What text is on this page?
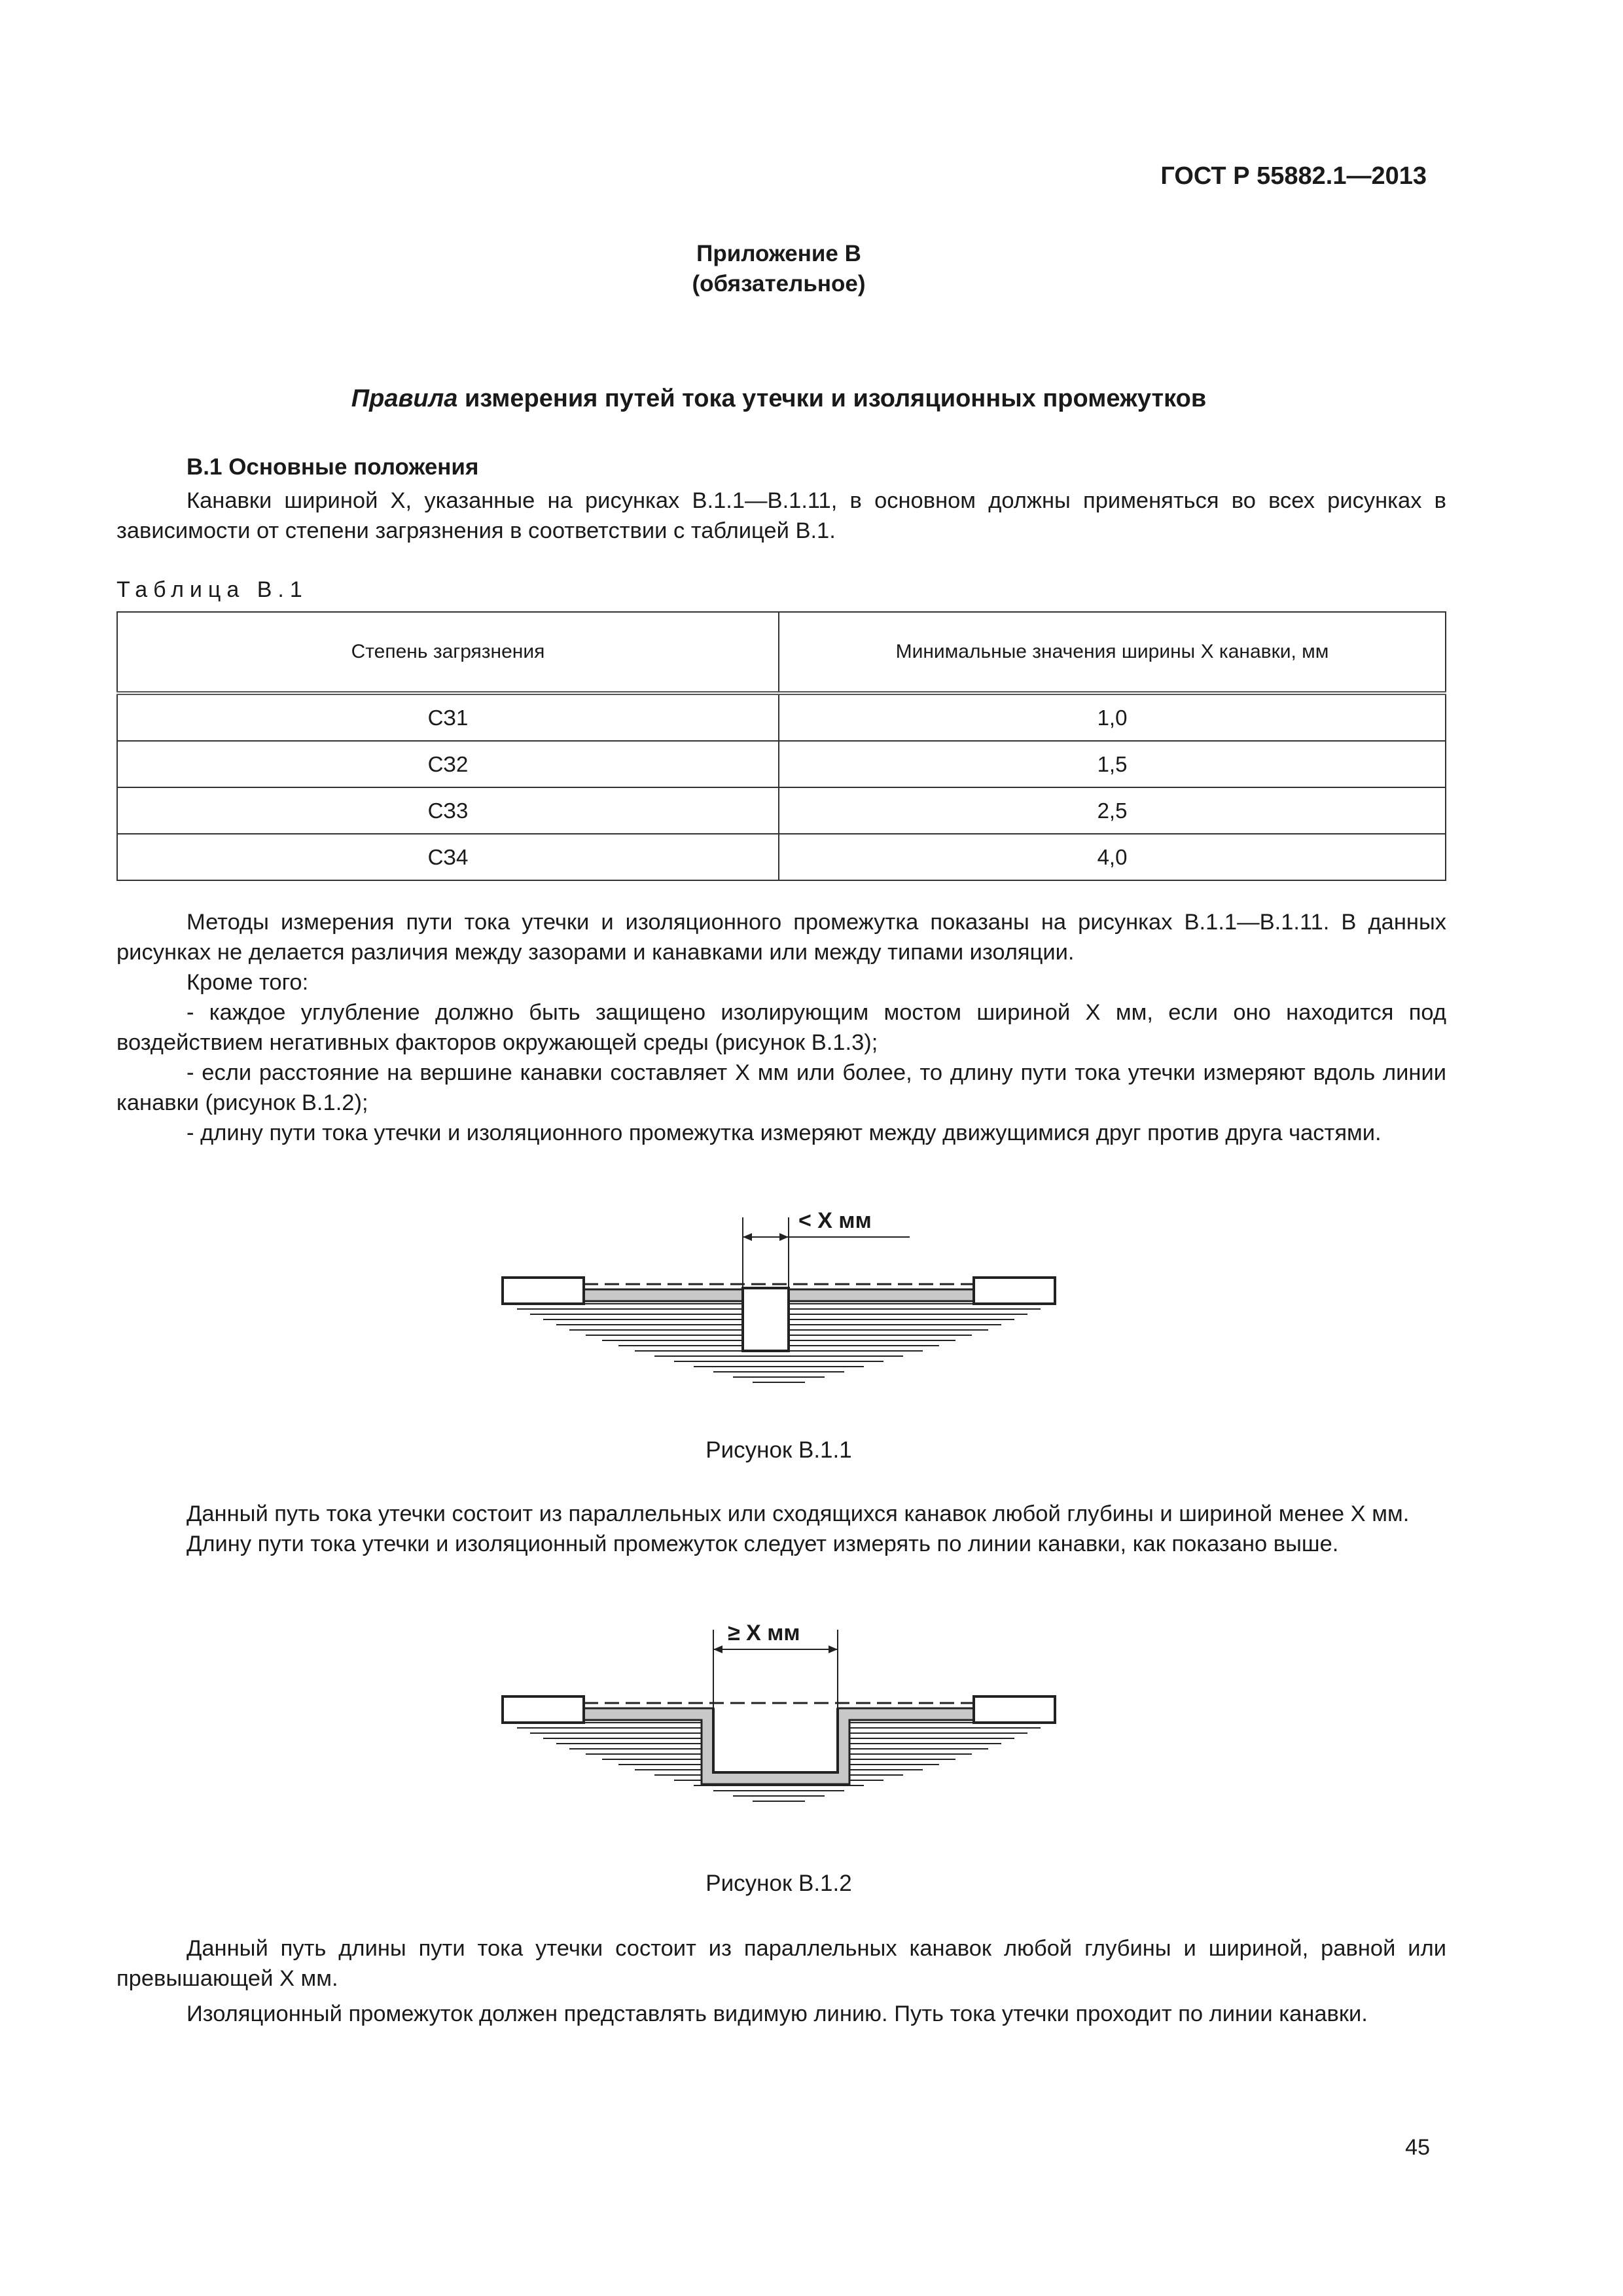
ГОСТ Р 55882.1—2013
Приложение В
(обязательное)
Правила измерения путей тока утечки и изоляционных промежутков
В.1 Основные положения

Канавки шириной X, указанные на рисунках В.1.1—В.1.11, в основном должны применяться во всех рисунках в зависимости от степени загрязнения в соответствии с таблицей В.1.

Таблица В.1
Степень загрязнения	Минимальные значения ширины X канавки, мм
СЗ1	1,0
СЗ2	1,5
СЗ3	2,5
СЗ4	4,0

Методы измерения пути тока утечки и изоляционного промежутка показаны на рисунках В.1.1—В.1.11. В данных рисунках не делается различия между зазорами и канавками или между типами изоляции.

Кроме того:

- каждое углубление должно быть защищено изолирующим мостом шириной X мм, если оно находится под воздействием негативных факторов окружающей среды (рисунок В.1.3);

- если расстояние на вершине канавки составляет X мм или более, то длину пути тока утечки измеряют вдоль линии канавки (рисунок В.1.2);

- длину пути тока утечки и изоляционного промежутка измеряют между движущимися друг против друга частями.

< X мм
Рисунок В.1.1

Данный путь тока утечки состоит из параллельных или сходящихся канавок любой глубины и шириной менее X мм.

Длину пути тока утечки и изоляционный промежуток следует измерять по линии канавки, как показано выше.

≥ X мм
Рисунок В.1.2

Данный путь длины пути тока утечки состоит из параллельных канавок любой глубины и шириной, равной или превышающей X мм.

Изоляционный промежуток должен представлять видимую линию. Путь тока утечки проходит по линии канавки.

45
